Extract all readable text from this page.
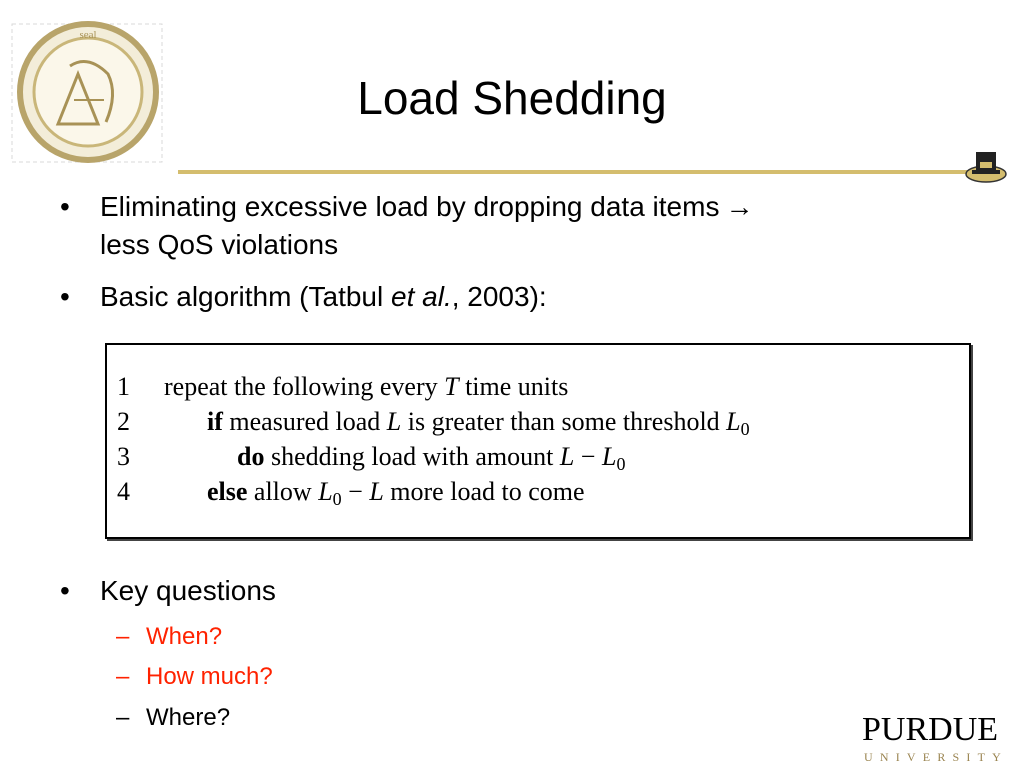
seal
Load Shedding
•	Eliminating excessive load by dropping data items →
less QoS violations
•	Basic algorithm (Tatbul et al., 2003):
1	repeat the following every T time units
2	if measured load L is greater than some threshold L0
3	do shedding load with amount L − L0
4	else allow L0 − L more load to come
•	Key questions
– When?
– How much?
– Where?	PURDUE
UNIVERSITY
